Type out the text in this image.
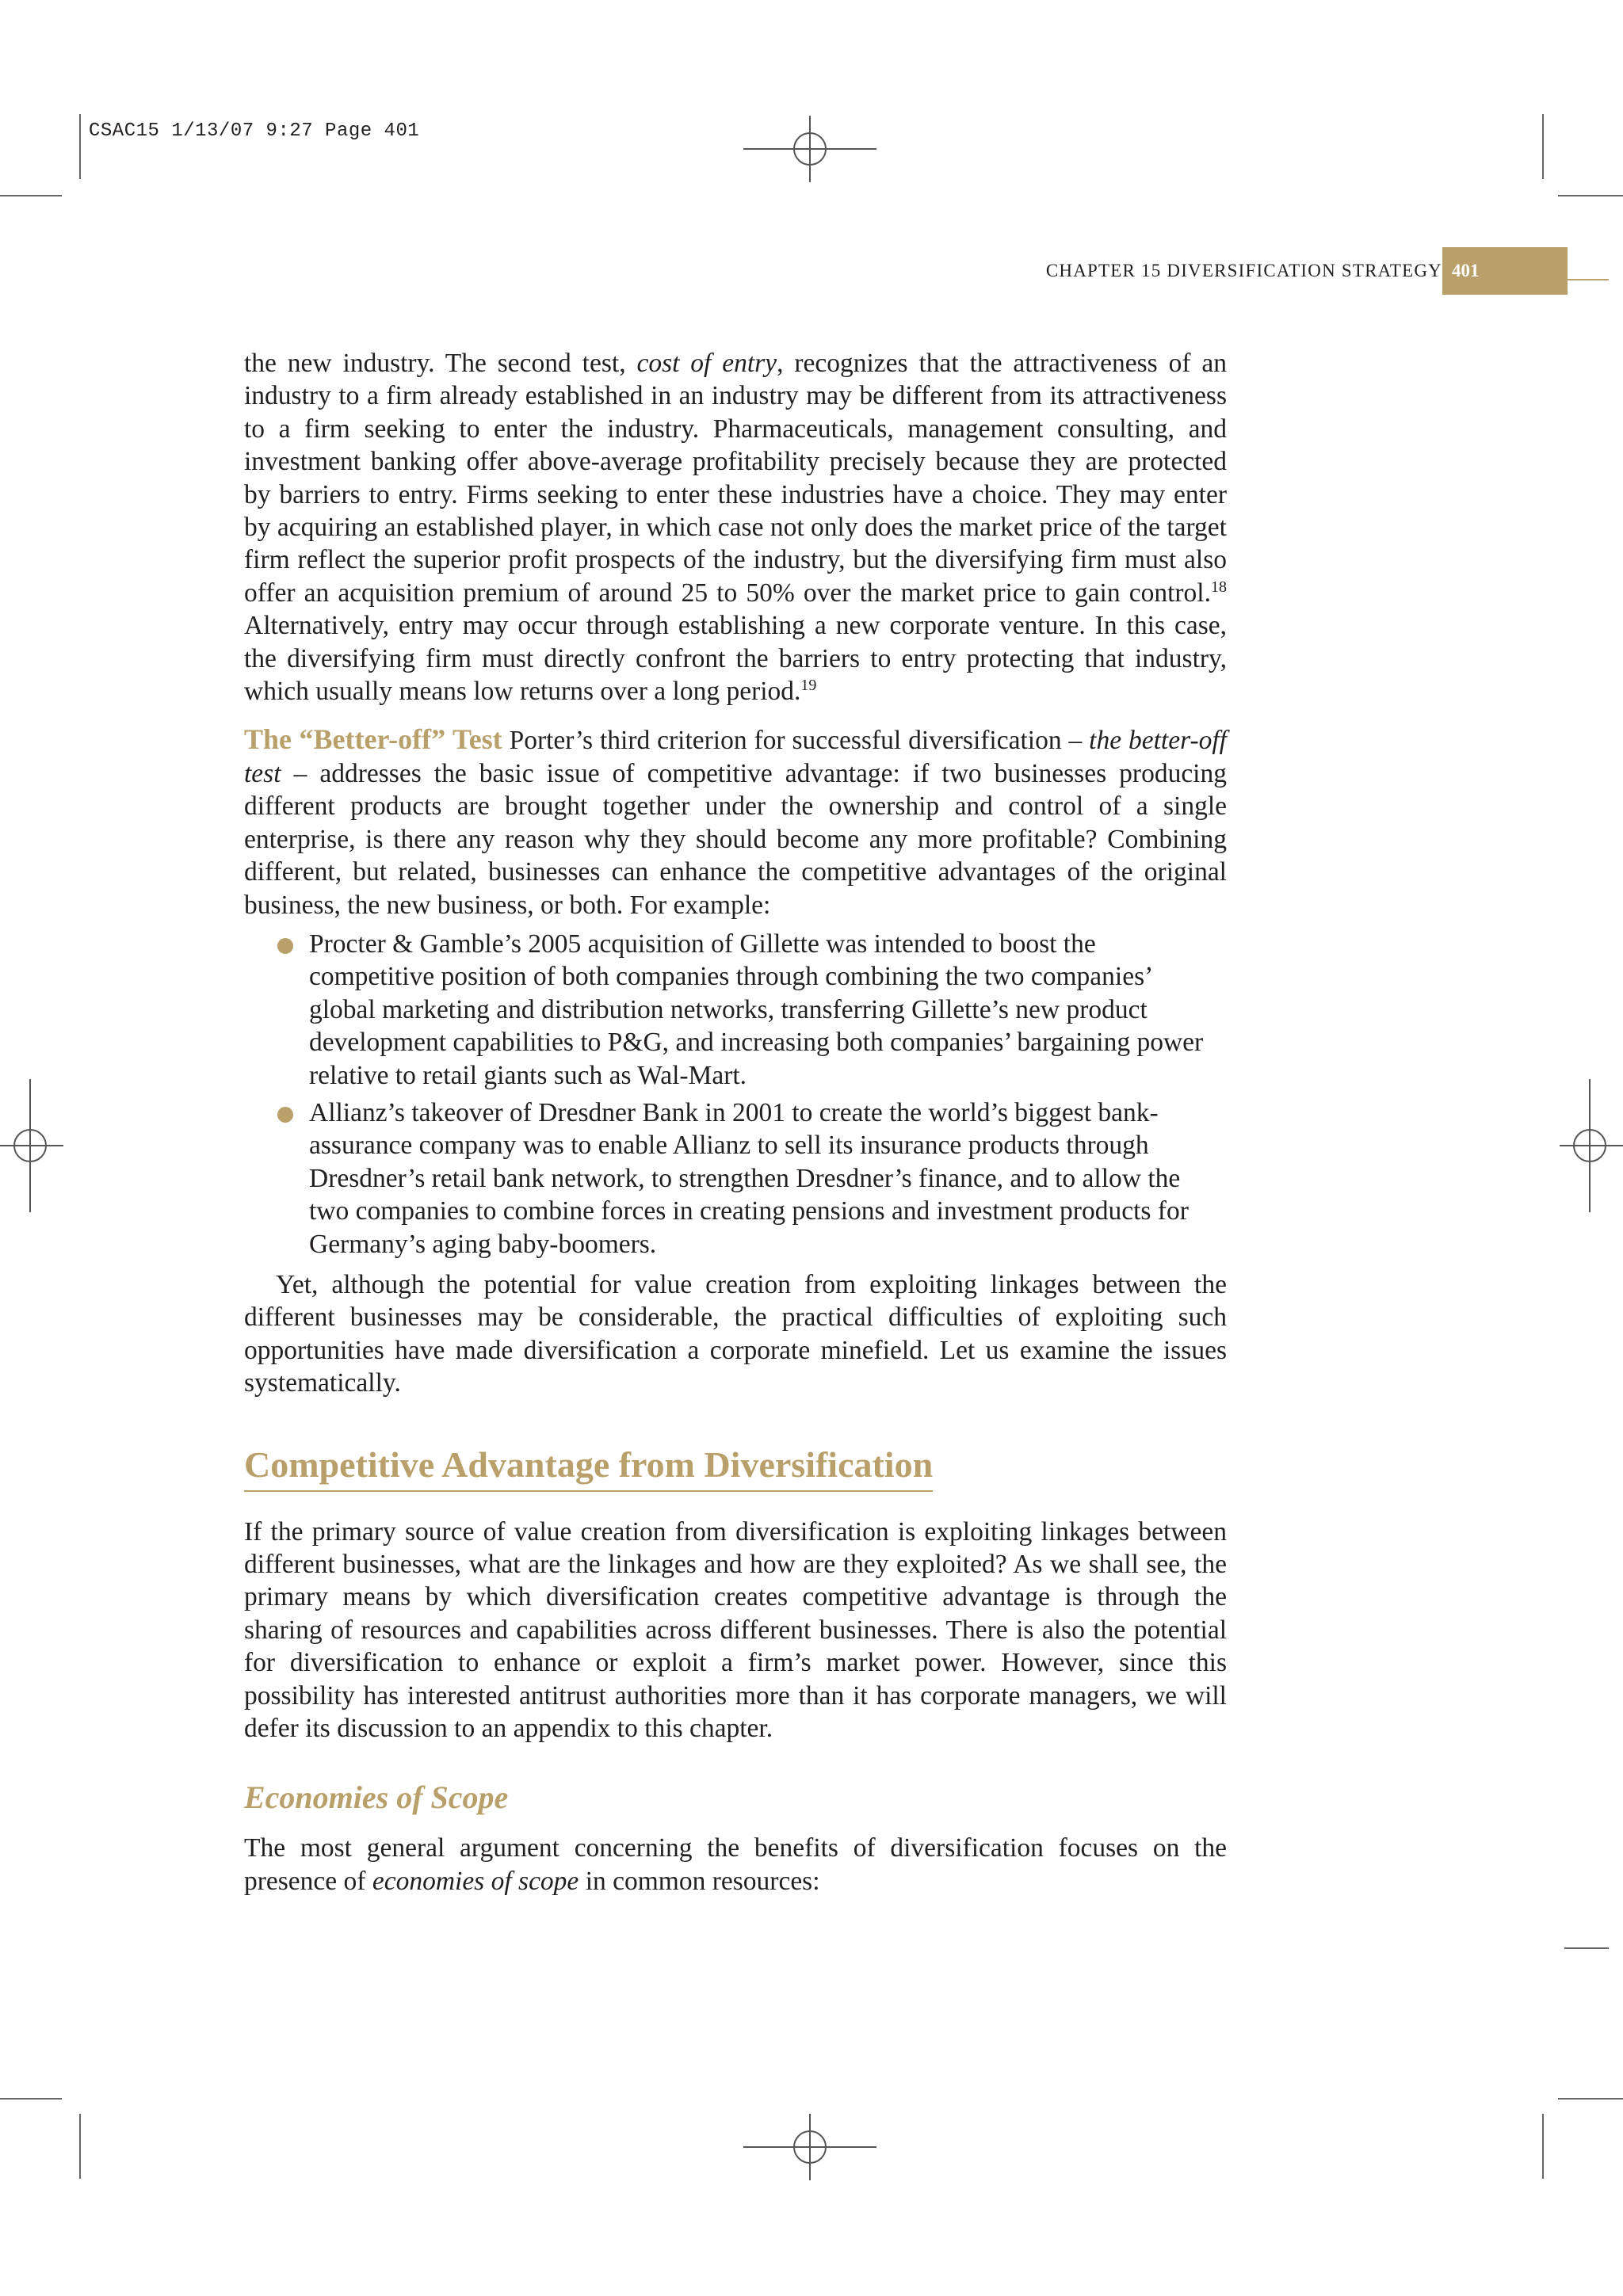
CSAC15 1/13/07 9:27 Page 401
CHAPTER 15 DIVERSIFICATION STRATEGY 401

the new industry. The second test, cost of entry, recognizes that the attractiveness of an industry to a firm already established in an industry may be different from its attractiveness to a firm seeking to enter the industry. Pharmaceuticals, management consulting, and investment banking offer above-average profitability precisely because they are protected by barriers to entry. Firms seeking to enter these industries have a choice. They may enter by acquiring an established player, in which case not only does the market price of the target firm reflect the superior profit prospects of the industry, but the diversifying firm must also offer an acquisition premium of around 25 to 50% over the market price to gain control.$^{18}$ Alternatively, entry may occur through establishing a new corporate venture. In this case, the diversifying firm must directly confront the barriers to entry protecting that industry, which usually means low returns over a long period.$^{19}$

The “Better-off” Test Porter’s third criterion for successful diversification – the better-off test – addresses the basic issue of competitive advantage: if two businesses producing different products are brought together under the ownership and control of a single enterprise, is there any reason why they should become any more profitable? Combining different, but related, businesses can enhance the competitive advantages of the original business, the new business, or both. For example:

Procter & Gamble’s 2005 acquisition of Gillette was intended to boost the competitive position of both companies through combining the two companies’ global marketing and distribution networks, transferring Gillette’s new product development capabilities to P&G, and increasing both companies’ bargaining power relative to retail giants such as Wal-Mart.
Allianz’s takeover of Dresdner Bank in 2001 to create the world’s biggest bank-assurance company was to enable Allianz to sell its insurance products through Dresdner’s retail bank network, to strengthen Dresdner’s finance, and to allow the two companies to combine forces in creating pensions and investment products for Germany’s aging baby-boomers.

Yet, although the potential for value creation from exploiting linkages between the different businesses may be considerable, the practical difficulties of exploiting such opportunities have made diversification a corporate minefield. Let us examine the issues systematically.

Competitive Advantage from Diversification

If the primary source of value creation from diversification is exploiting linkages between different businesses, what are the linkages and how are they exploited? As we shall see, the primary means by which diversification creates competitive advantage is through the sharing of resources and capabilities across different businesses. There is also the potential for diversification to enhance or exploit a firm’s market power. However, since this possibility has interested antitrust authorities more than it has corporate managers, we will defer its discussion to an appendix to this chapter.

Economies of Scope

The most general argument concerning the benefits of diversification focuses on the presence of economies of scope in common resources:
